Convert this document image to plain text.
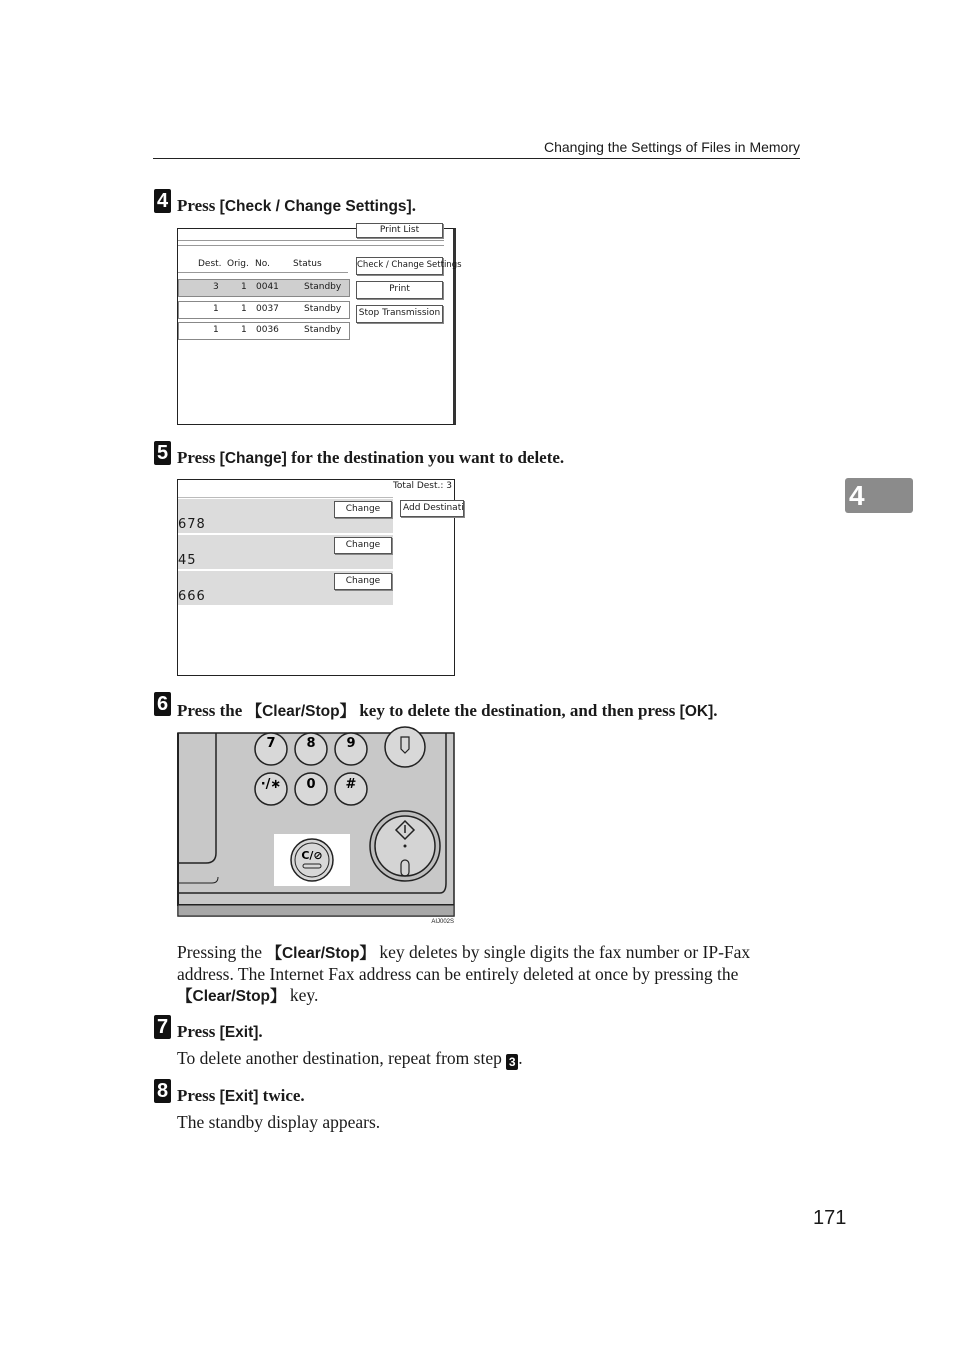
Changing the Settings of Files in Memory
4
4 Press [Check / Change Settings].
Print List
Dest. Orig. No.	Status
3 1 0041	Standby
1 1 0037	Standby
1 1 0036	Standby
Check / Change Settings
Print
Stop Transmission
5 Press [Change] for the destination you want to delete.
Total Dest.: 3
Add Destinati
678
Change
45
Change
666
Change
6 Press the 【Clear/Stop】 key to delete the destination, and then press [OK].
7 8 9
·/∗ 0 #
C/⊘
AIJ002S
Pressing the 【Clear/Stop】 key deletes by single digits the fax number or IP-Fax address. The Internet Fax address can be entirely deleted at once by pressing the 【Clear/Stop】 key.
7 Press [Exit].
To delete another destination, repeat from step 3 .
8 Press [Exit] twice.
The standby display appears.
171
